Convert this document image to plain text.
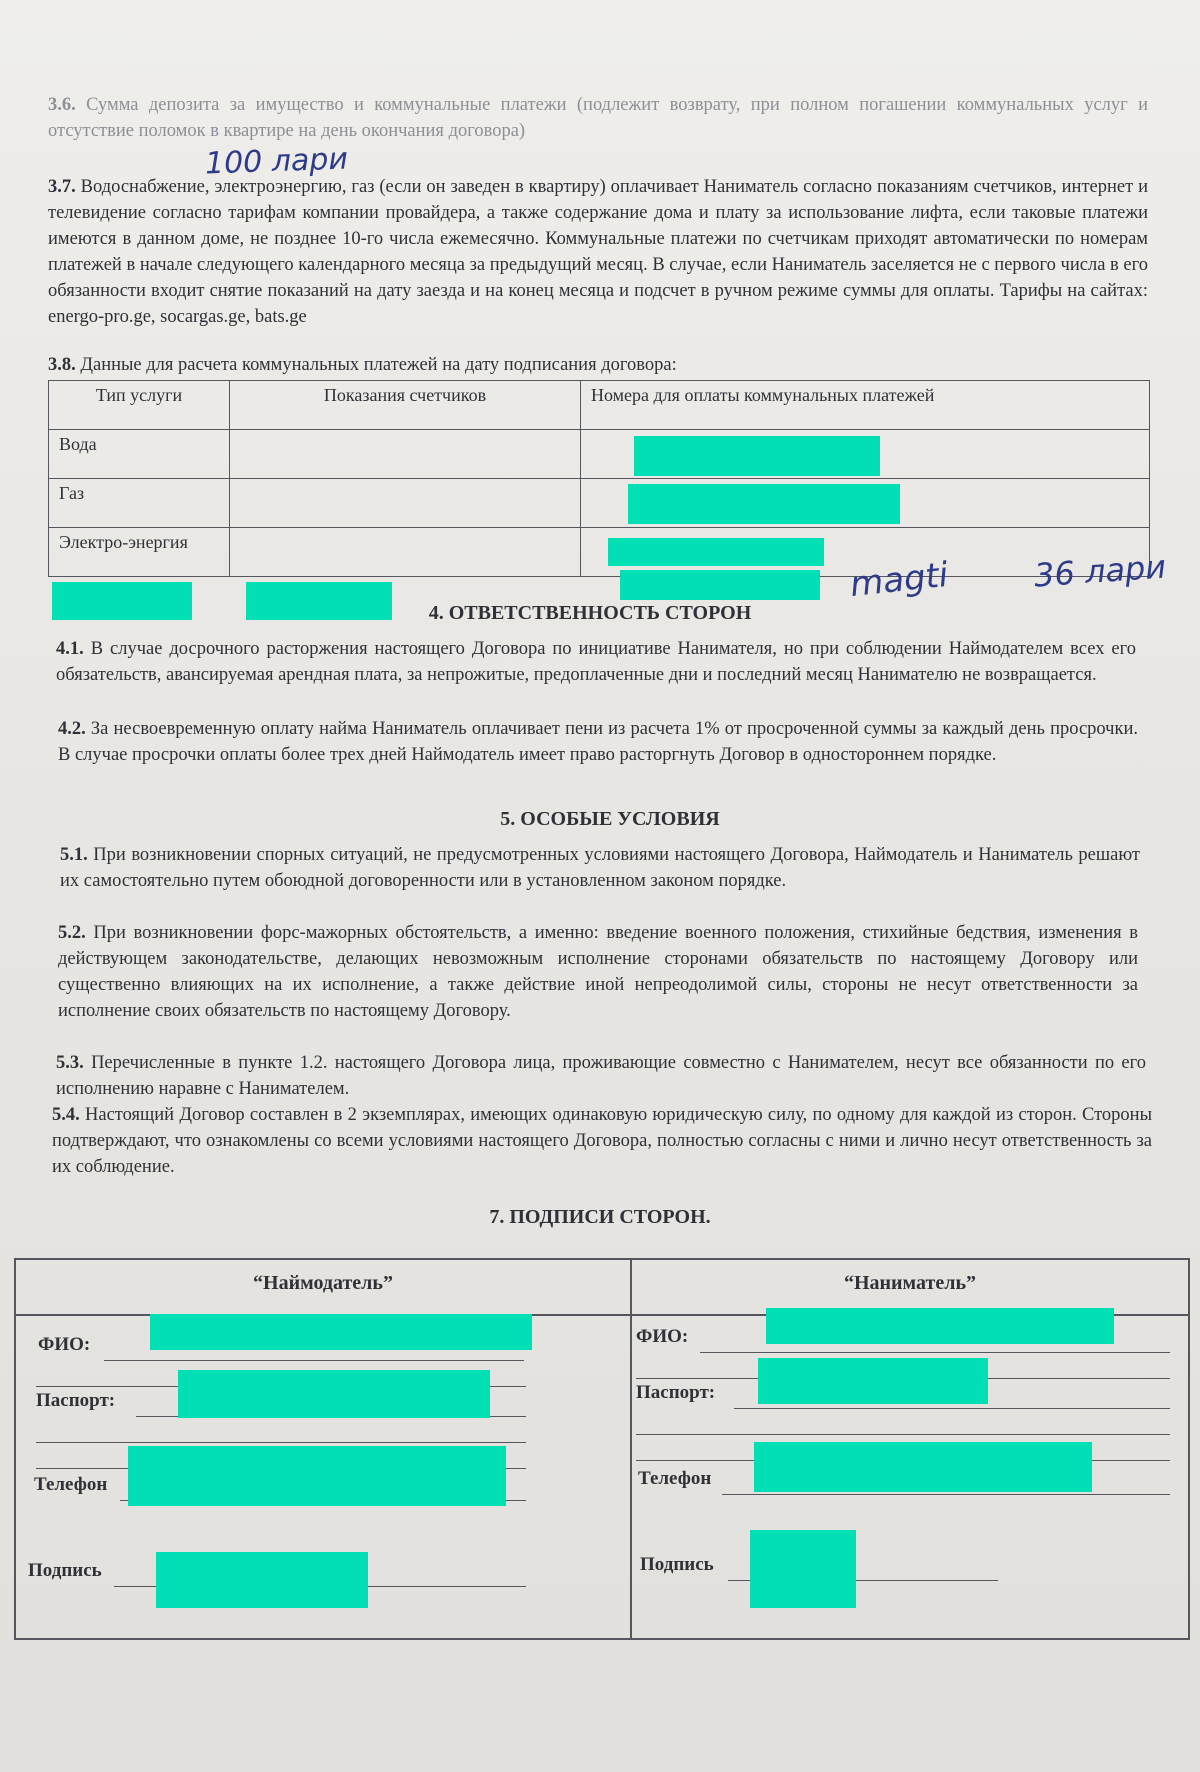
3.6. Сумма депозита за имущество и коммунальные платежи (подлежит возврату, при полном погашении коммунальных услуг и отсутствие поломок в квартире на день окончания договора)
100 лари
3.7. Водоснабжение, электроэнергию, газ (если он заведен в квартиру) оплачивает Наниматель согласно показаниям счетчиков, интернет и телевидение согласно тарифам компании провайдера, а также содержание дома и плату за использование лифта, если таковые платежи имеются в данном доме, не позднее 10-го числа ежемесячно. Коммунальные платежи по счетчикам приходят автоматически по номерам платежей в начале следующего календарного месяца за предыдущий месяц. В случае, если Наниматель заселяется не с первого числа в его обязанности входит снятие показаний на дату заезда и на конец месяца и подсчет в ручном режиме суммы для оплаты. Тарифы на сайтах: energo-pro.ge, socargas.ge, bats.ge
3.8. Данные для расчета коммунальных платежей на дату подписания договора:
Тип услуги	Показания счетчиков	Номера для оплаты коммунальных платежей
Вода		
Газ		
Электро-энергия		
magti	36 лари
4. ОТВЕТСТВЕННОСТЬ СТОРОН
4.1. В случае досрочного расторжения настоящего Договора по инициативе Нанимателя, но при соблюдении Наймодателем всех его обязательств, авансируемая арендная плата, за непрожитые, предоплаченные дни и последний месяц Нанимателю не возвращается.
4.2. За несвоевременную оплату найма Наниматель оплачивает пени из расчета 1% от просроченной суммы за каждый день просрочки. В случае просрочки оплаты более трех дней Наймодатель имеет право расторгнуть Договор в одностороннем порядке.
5. ОСОБЫЕ УСЛОВИЯ
5.1. При возникновении спорных ситуаций, не предусмотренных условиями настоящего Договора, Наймодатель и Наниматель решают их самостоятельно путем обоюдной договоренности или в установленном законом порядке.
5.2. При возникновении форс-мажорных обстоятельств, а именно: введение военного положения, стихийные бедствия, изменения в действующем законодательстве, делающих невозможным исполнение сторонами обязательств по настоящему Договору или существенно влияющих на их исполнение, а также действие иной непреодолимой силы, стороны не несут ответственности за исполнение своих обязательств по настоящему Договору.
5.3. Перечисленные в пункте 1.2. настоящего Договора лица, проживающие совместно с Нанимателем, несут все обязанности по его исполнению наравне с Нанимателем.
5.4. Настоящий Договор составлен в 2 экземплярах, имеющих одинаковую юридическую силу, по одному для каждой из сторон. Стороны подтверждают, что ознакомлены со всеми условиями настоящего Договора, полностью согласны с ними и лично несут ответственность за их соблюдение.
7. ПОДПИСИ СТОРОН.
“Наймодатель”	“Наниматель”
ФИО:
Паспорт:
Телефон
Подпись
ФИО:
Паспорт:
Телефон
Подпись
